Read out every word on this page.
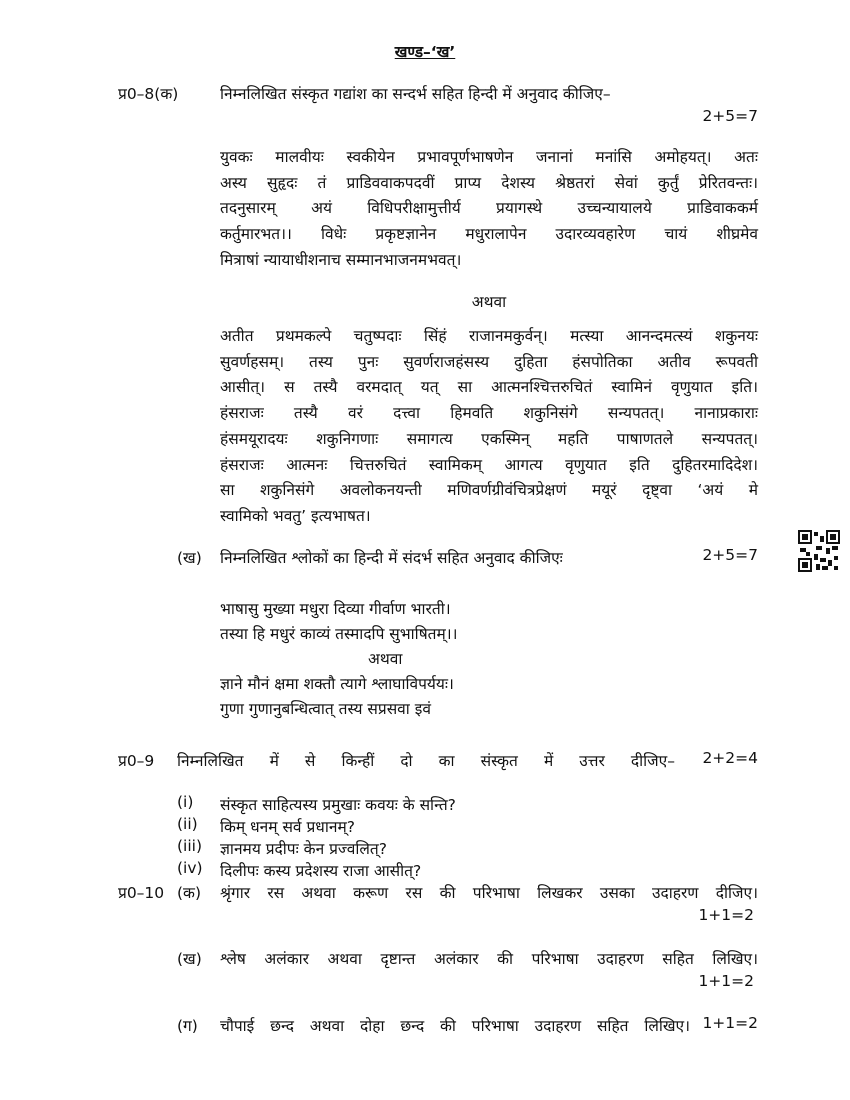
खण्ड–‘ख’
प्र0–8(क)	निम्नलिखित संस्कृत गद्यांश का सन्दर्भ सहित हिन्दी में अनुवाद कीजिए–
2+5=7
युवकः मालवीयः स्वकीयेन प्रभावपूर्णभाषणेन जनानां मनांसि अमोहयत्। अतः
अस्य सुहृदः तं प्राडिववाकपदवीं प्राप्य देशस्य श्रेष्ठतरां सेवां कुर्तुं प्रेरितवन्तः।
तदनुसारम् अयं विधिपरीक्षामुत्तीर्य प्रयागस्थे उच्चन्यायालये प्राडिवाककर्म
कर्तुमारभत।। विधेः प्रकृष्टज्ञानेन मधुरालापेन उदारव्यवहारेण चायं शीघ्रमेव
मित्राषां न्यायाधीशनाच सम्मानभाजनमभवत्।
अथवा
अतीत प्रथमकल्पे चतुष्पदाः सिंहं राजानमकुर्वन्। मत्स्या आनन्दमत्स्यं शकुनयः
सुवर्णहसम्। तस्य पुनः सुवर्णराजहंसस्य दुहिता हंसपोतिका अतीव रूपवती
आसीत्। स तस्यै वरमदात् यत् सा आत्मनश्चित्तरुचितं स्वामिनं वृणुयात इति।
हंसराजः तस्यै वरं दत्त्वा हिमवति शकुनिसंगे सन्यपतत्। नानाप्रकाराः
हंसमयूरादयः शकुनिगणाः समागत्य एकस्मिन् महति पाषाणतले सन्यपतत्।
हंसराजः आत्मनः चित्तरुचितं स्वामिकम् आगत्य वृणुयात इति दुहितरमादिदेश।
सा शकुनिसंगे अवलोकनयन्ती मणिवर्णग्रीवंचित्रप्रेक्षणं मयूरं दृष्ट्वा ‘अयं मे
स्वामिको भवतु’ इत्यभाषत।
(ख) निम्नलिखित श्लोकों का हिन्दी में संदर्भ सहित अनुवाद कीजिएः	2+5=7
भाषासु मुख्या मधुरा दिव्या गीर्वाण भारती।
तस्या हि मधुरं काव्यं तस्मादपि सुभाषितम्।।
अथवा
ज्ञाने मौनं क्षमा शक्तौ त्यागे श्लाघाविपर्ययः।
गुणा गुणानुबन्धित्वात् तस्य सप्रसवा इवं
प्र0–9 निम्नलिखित में से किन्हीं दो का संस्कृत में उत्तर दीजिए– 2+2=4
(i) संस्कृत साहित्यस्य प्रमुखाः कवयः के सन्ति?
(ii) किम् धनम् सर्व प्रधानम्?
(iii) ज्ञानमय प्रदीपः केन प्रज्वलित्?
(iv) दिलीपः कस्य प्रदेशस्य राजा आसीत्?
प्र0–10 (क) श्रृंगार रस अथवा करूण रस की परिभाषा लिखकर उसका उदाहरण दीजिए।
1+1=2
(ख) श्लेष अलंकार अथवा दृष्टान्त अलंकार की परिभाषा उदाहरण सहित लिखिए।
1+1=2
(ग) चौपाई छन्द अथवा दोहा छन्द की परिभाषा उदाहरण सहित लिखिए। 1+1=2
